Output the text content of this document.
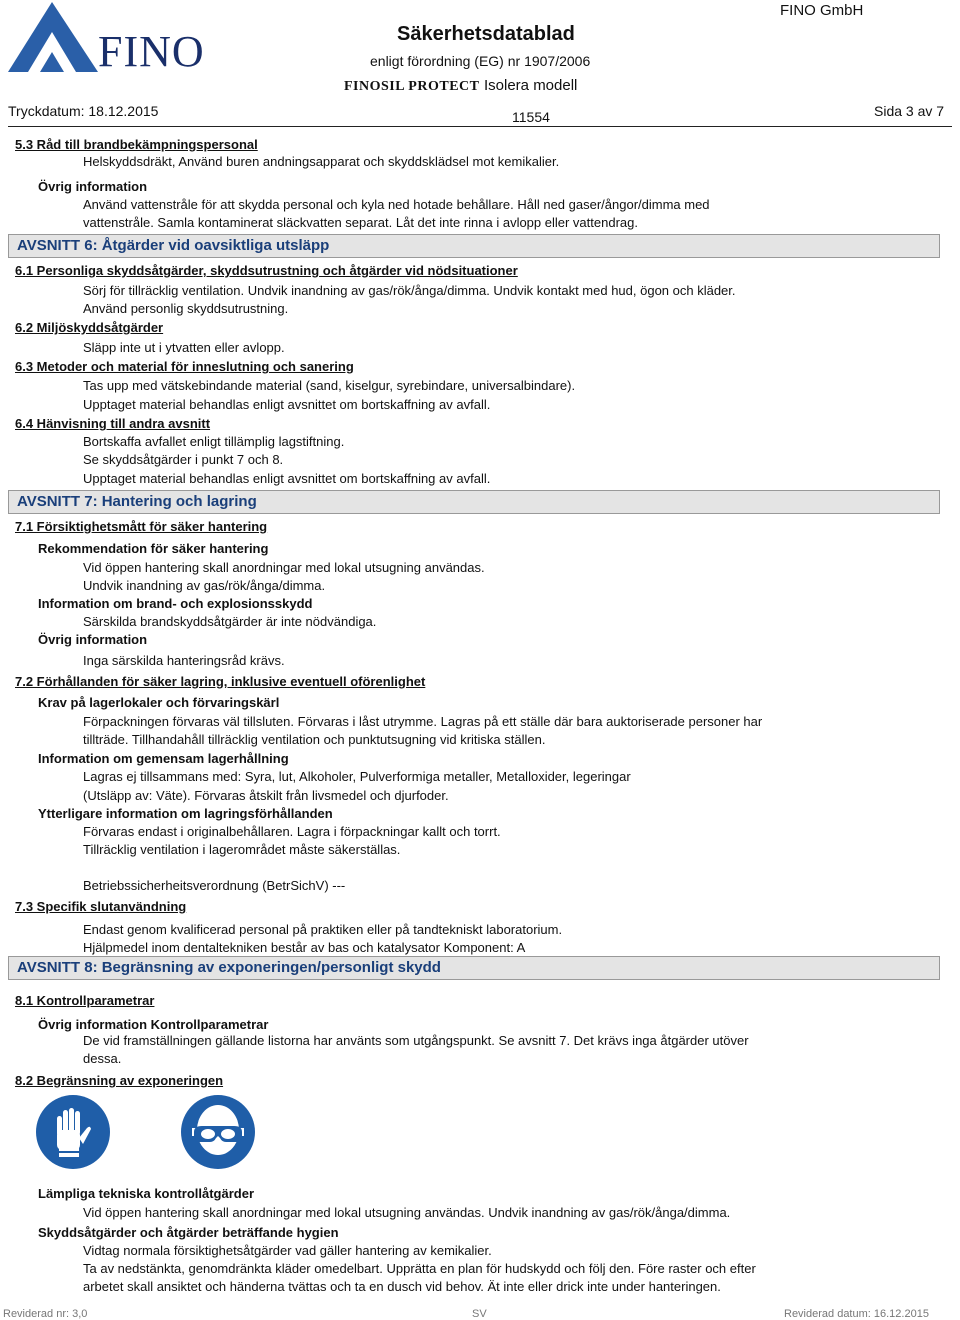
FINO	Säkerhetsdatablad
enligt förordning (EG) nr 1907/2006
FINO GmbH
FINOSIL PROTECT Isolera modell
Tryckdatum: 18.12.2015	11554	Sida 3 av 7
5.3 Råd till brandbekämpningspersonal
Helskyddsdräkt, Använd buren andningsapparat och skyddsklädsel mot kemikalier.
Övrig information
Använd vattenstråle för att skydda personal och kyla ned hotade behållare. Håll ned gaser/ångor/dimma med
vattenstråle. Samla kontaminerat släckvatten separat. Låt det inte rinna i avlopp eller vattendrag.
AVSNITT 6: Åtgärder vid oavsiktliga utsläpp
6.1 Personliga skyddsåtgärder, skyddsutrustning och åtgärder vid nödsituationer
Sörj för tillräcklig ventilation. Undvik inandning av gas/rök/ånga/dimma. Undvik kontakt med hud, ögon och kläder.
Använd personlig skyddsutrustning.
6.2 Miljöskyddsåtgärder
Släpp inte ut i ytvatten eller avlopp.
6.3 Metoder och material för inneslutning och sanering
Tas upp med vätskebindande material (sand, kiselgur, syrebindare, universalbindare).
Upptaget material behandlas enligt avsnittet om bortskaffning av avfall.
6.4 Hänvisning till andra avsnitt
Bortskaffa avfallet enligt tillämplig lagstiftning.
Se skyddsåtgärder i punkt 7 och 8.
Upptaget material behandlas enligt avsnittet om bortskaffning av avfall.
AVSNITT 7: Hantering och lagring
7.1 Försiktighetsmått för säker hantering
Rekommendation för säker hantering
Vid öppen hantering skall anordningar med lokal utsugning användas.
Undvik inandning av gas/rök/ånga/dimma.
Information om brand- och explosionsskydd
Särskilda brandskyddsåtgärder är inte nödvändiga.
Övrig information
Inga särskilda hanteringsråd krävs.
7.2 Förhållanden för säker lagring, inklusive eventuell oförenlighet
Krav på lagerlokaler och förvaringskärl
Förpackningen förvaras väl tillsluten. Förvaras i låst utrymme. Lagras på ett ställe där bara auktoriserade personer har
tillträde. Tillhandahåll tillräcklig ventilation och punktutsugning vid kritiska ställen.
Information om gemensam lagerhållning
Lagras ej tillsammans med: Syra, lut, Alkoholer, Pulverformiga metaller, Metalloxider, legeringar
(Utsläpp av: Väte). Förvaras åtskilt från livsmedel och djurfoder.
Ytterligare information om lagringsförhållanden
Förvaras endast i originalbehållaren. Lagra i förpackningar kallt och torrt.
Tillräcklig ventilation i lagerområdet måste säkerställas.
Betriebssicherheitsverordnung (BetrSichV) ---
7.3 Specifik slutanvändning
Endast genom kvalificerad personal på praktiken eller på tandtekniskt laboratorium.
Hjälpmedel inom dentaltekniken består av bas och katalysator Komponent: A
AVSNITT 8: Begränsning av exponeringen/personligt skydd
8.1 Kontrollparametrar
Övrig information Kontrollparametrar
De vid framställningen gällande listorna har använts som utgångspunkt. Se avsnitt 7. Det krävs inga åtgärder utöver
dessa.
8.2 Begränsning av exponeringen
Lämpliga tekniska kontrollåtgärder
Vid öppen hantering skall anordningar med lokal utsugning användas. Undvik inandning av gas/rök/ånga/dimma.
Skyddsåtgärder och åtgärder beträffande hygien
Vidtag normala försiktighetsåtgärder vad gäller hantering av kemikalier.
Ta av nedstänkta, genomdränkta kläder omedelbart. Upprätta en plan för hudskydd och följ den. Före raster och efter
arbetet skall ansiktet och händerna tvättas och ta en dusch vid behov. Ät inte eller drick inte under hanteringen.
Reviderad nr: 3,0	SV	Reviderad datum: 16.12.2015
